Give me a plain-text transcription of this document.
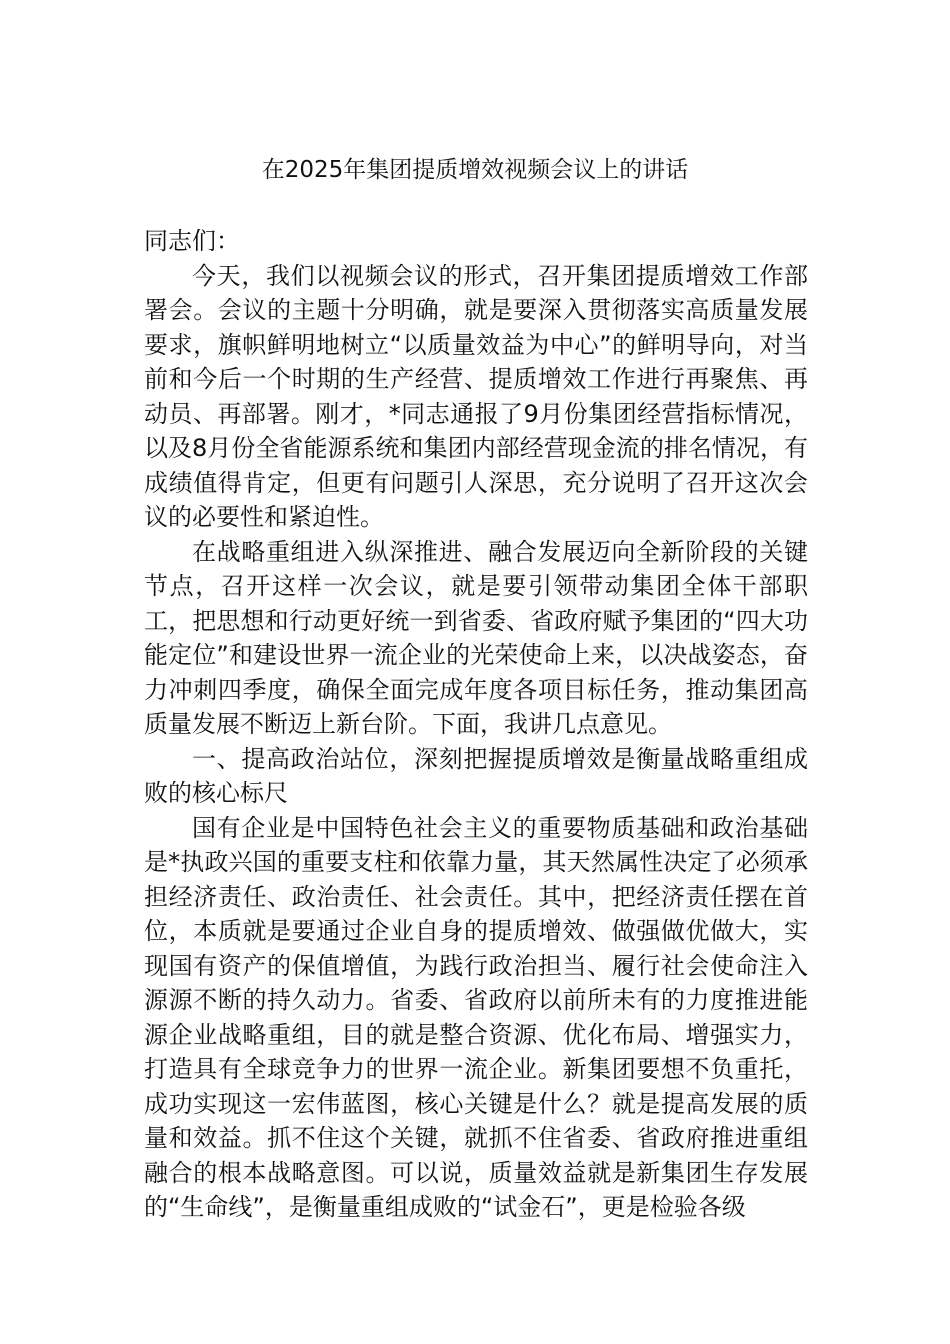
在2025年集团提质增效视频会议上的讲话

同志们：

今天，我们以视频会议的形式，召开集团提质增效工作部署会。会议的主题十分明确，就是要深入贯彻落实高质量发展要求，旗帜鲜明地树立“以质量效益为中心”的鲜明导向，对当前和今后一个时期的生产经营、提质增效工作进行再聚焦、再动员、再部署。刚才，*同志通报了9月份集团经营指标情况，以及8月份全省能源系统和集团内部经营现金流的排名情况，有成绩值得肯定，但更有问题引人深思，充分说明了召开这次会议的必要性和紧迫性。

在战略重组进入纵深推进、融合发展迈向全新阶段的关键节点，召开这样一次会议，就是要引领带动集团全体干部职工，把思想和行动更好统一到省委、省政府赋予集团的“四大功能定位”和建设世界一流企业的光荣使命上来，以决战姿态，奋力冲刺四季度，确保全面完成年度各项目标任务，推动集团高质量发展不断迈上新台阶。下面，我讲几点意见。

一、提高政治站位，深刻把握提质增效是衡量战略重组成败的核心标尺

国有企业是中国特色社会主义的重要物质基础和政治基础是*执政兴国的重要支柱和依靠力量，其天然属性决定了必须承担经济责任、政治责任、社会责任。其中，把经济责任摆在首位，本质就是要通过企业自身的提质增效、做强做优做大，实现国有资产的保值增值，为践行政治担当、履行社会使命注入源源不断的持久动力。省委、省政府以前所未有的力度推进能源企业战略重组，目的就是整合资源、优化布局、增强实力，打造具有全球竞争力的世界一流企业。新集团要想不负重托，成功实现这一宏伟蓝图，核心关键是什么？就是提高发展的质量和效益。抓不住这个关键，就抓不住省委、省政府推进重组融合的根本战略意图。可以说，质量效益就是新集团生存发展的“生命线”，是衡量重组成败的“试金石”，更是检验各级
